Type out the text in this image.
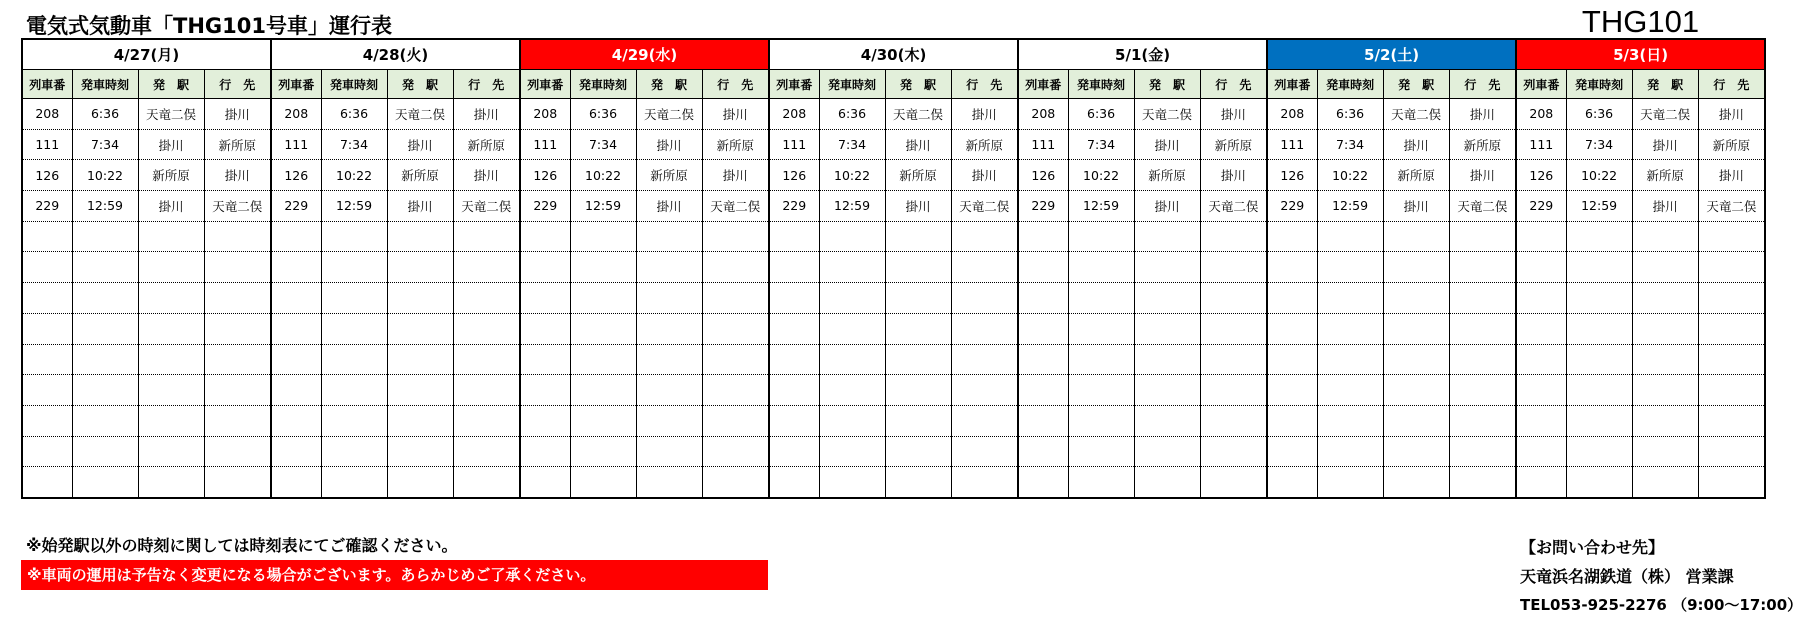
電気式気動車「THG101号車」運行表	THG101
4/27(月)				4/28(火)				4/29(水)				4/30(木)				5/1(金)				5/2(土)				5/3(日)			
列車番	発車時刻	発　駅	行　先	列車番	発車時刻	発　駅	行　先	列車番	発車時刻	発　駅	行　先	列車番	発車時刻	発　駅	行　先	列車番	発車時刻	発　駅	行　先	列車番	発車時刻	発　駅	行　先	列車番	発車時刻	発　駅	行　先
208	6:36	天竜二俣	掛川	208	6:36	天竜二俣	掛川	208	6:36	天竜二俣	掛川	208	6:36	天竜二俣	掛川	208	6:36	天竜二俣	掛川	208	6:36	天竜二俣	掛川	208	6:36	天竜二俣	掛川
111	7:34	掛川	新所原	111	7:34	掛川	新所原	111	7:34	掛川	新所原	111	7:34	掛川	新所原	111	7:34	掛川	新所原	111	7:34	掛川	新所原	111	7:34	掛川	新所原
126	10:22	新所原	掛川	126	10:22	新所原	掛川	126	10:22	新所原	掛川	126	10:22	新所原	掛川	126	10:22	新所原	掛川	126	10:22	新所原	掛川	126	10:22	新所原	掛川
229	12:59	掛川	天竜二俣	229	12:59	掛川	天竜二俣	229	12:59	掛川	天竜二俣	229	12:59	掛川	天竜二俣	229	12:59	掛川	天竜二俣	229	12:59	掛川	天竜二俣	229	12:59	掛川	天竜二俣

※始発駅以外の時刻に関しては時刻表にてご確認ください。
※車両の運用は予告なく変更になる場合がございます。あらかじめご了承ください。
【お問い合わせ先】
天竜浜名湖鉄道（株） 営業課
TEL053-925-2276 （9:00～17:00）
